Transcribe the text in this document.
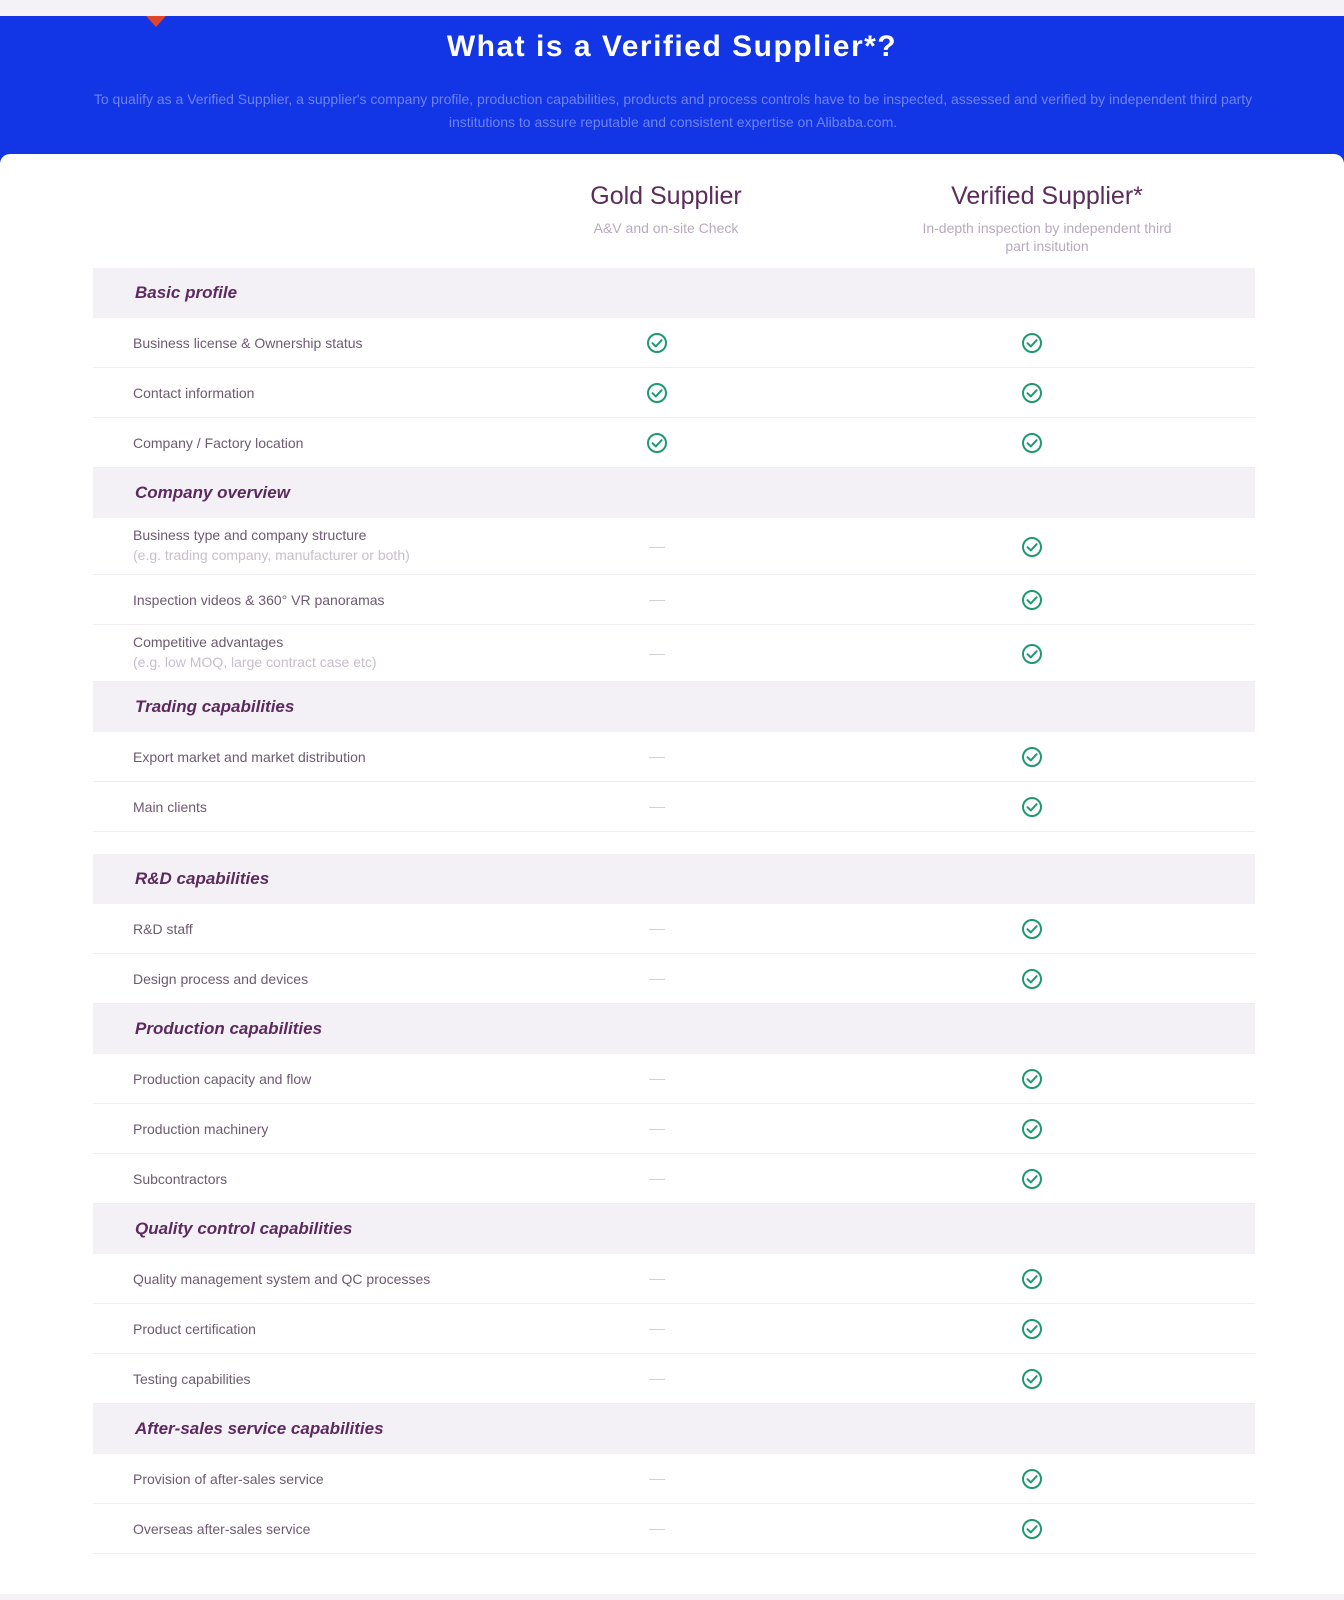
What is a Verified Supplier*?
To qualify as a Verified Supplier, a supplier's company profile, production capabilities, products and process controls have to be inspected, assessed and verified by independent third party institutions to assure reputable and consistent expertise on Alibaba.com.
Gold Supplier
A&V and on-site Check
Verified Supplier*
In-depth inspection by independent third part insitution
Basic profile
Business license & Ownership status
Contact information
Company / Factory location
Company overview
Business type and company structure
(e.g. trading company, manufacturer or both)
Inspection videos & 360° VR panoramas
Competitive advantages
(e.g. low MOQ, large contract case etc)
Trading capabilities
Export market and market distribution
Main clients
R&D capabilities
R&D staff
Design process and devices
Production capabilities
Production capacity and flow
Production machinery
Subcontractors
Quality control capabilities
Quality management system and QC processes
Product certification
Testing capabilities
After-sales service capabilities
Provision of after-sales service
Overseas after-sales service
